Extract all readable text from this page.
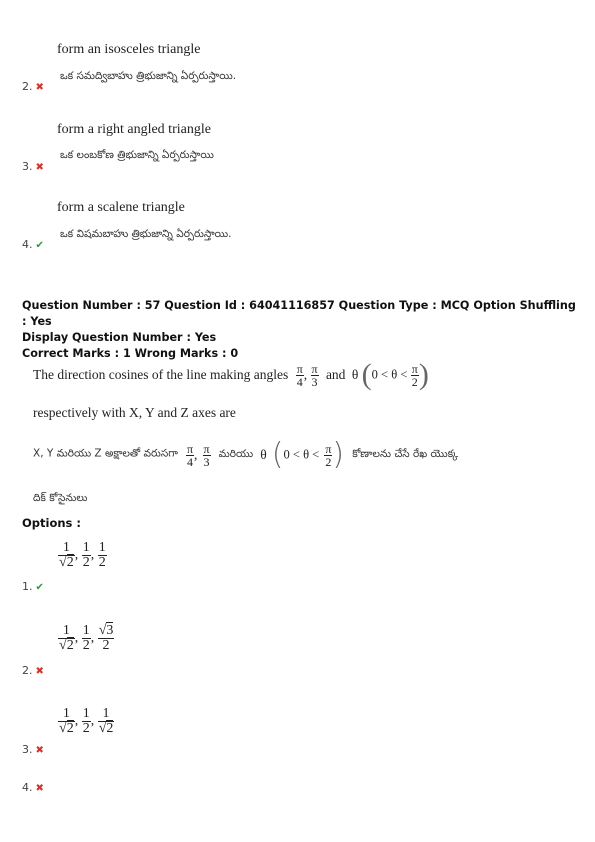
form an isosceles triangle
ఒక సమద్విబాహు త్రిభుజాన్ని ఏర్పరుస్తాయి.
2. ✖
form a right angled triangle
ఒక లంబకోణ త్రిభుజాన్ని ఏర్పరుస్తాయి
3. ✖
form a scalene triangle
ఒక విషమబాహు త్రిభుజాన్ని ఏర్పరుస్తాయి.
4. ✔
Question Number : 57 Question Id : 64041116857 Question Type : MCQ Option Shuffling : Yes
Display Question Number : Yes
Correct Marks : 1 Wrong Marks : 0
The direction cosines of the line making angles $\frac{\pi}{4}$ , $\frac{\pi}{3}$ and θ ($0 < \theta < \frac{\pi}{2}$ )
respectively with X, Y and Z axes are
X, Y మరియు Z అక్షాలతో వరుసగా $\frac{\pi}{4}$ , $\frac{\pi}{3}$ మరియు θ ($0 < \theta < \frac{\pi}{2}$ ) కోణాలను చేసే రేఖ యొక్క
దిక్ కోసైనులు
Options :
$\frac{1}{√2}$ , $\frac{1}{2}$ , $\frac{1}{2}$
1. ✔
$\frac{1}{√2}$ , $\frac{1}{2}$ , $\frac{√3}{2}$
2. ✖
$\frac{1}{√2}$ , $\frac{1}{2}$ , $\frac{1}{√2}$
3. ✖
4. ✖
